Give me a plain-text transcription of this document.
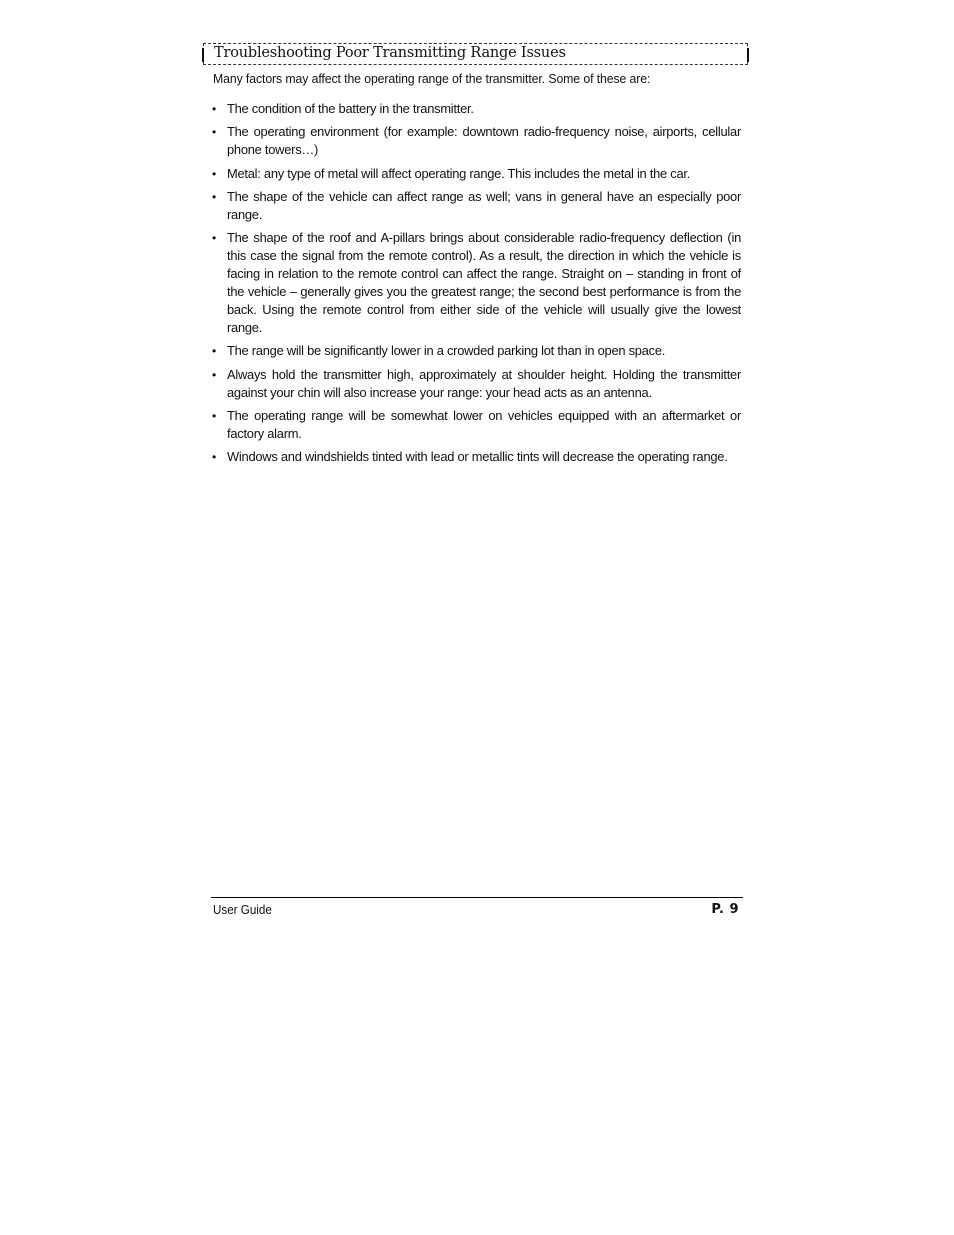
Troubleshooting Poor Transmitting Range Issues
Many factors may affect the operating range of the transmitter. Some of these are:
• The condition of the battery in the transmitter.
• The operating environment (for example: downtown radio-frequency noise, airports, cellular phone towers…)
• Metal: any type of metal will affect operating range. This includes the metal in the car.
• The shape of the vehicle can affect range as well; vans in general have an especially poor range.
• The shape of the roof and A-pillars brings about considerable radio-frequency deflection (in this case the signal from the remote control). As a result, the direction in which the vehicle is facing in relation to the remote control can affect the range. Straight on – standing in front of the vehicle – generally gives you the greatest range; the second best performance is from the back. Using the remote control from either side of the vehicle will usually give the lowest range.
• The range will be significantly lower in a crowded parking lot than in open space.
• Always hold the transmitter high, approximately at shoulder height. Holding the transmitter against your chin will also increase your range: your head acts as an antenna.
• The operating range will be somewhat lower on vehicles equipped with an aftermarket or factory alarm.
• Windows and windshields tinted with lead or metallic tints will decrease the operating range.
User Guide	P. 9
